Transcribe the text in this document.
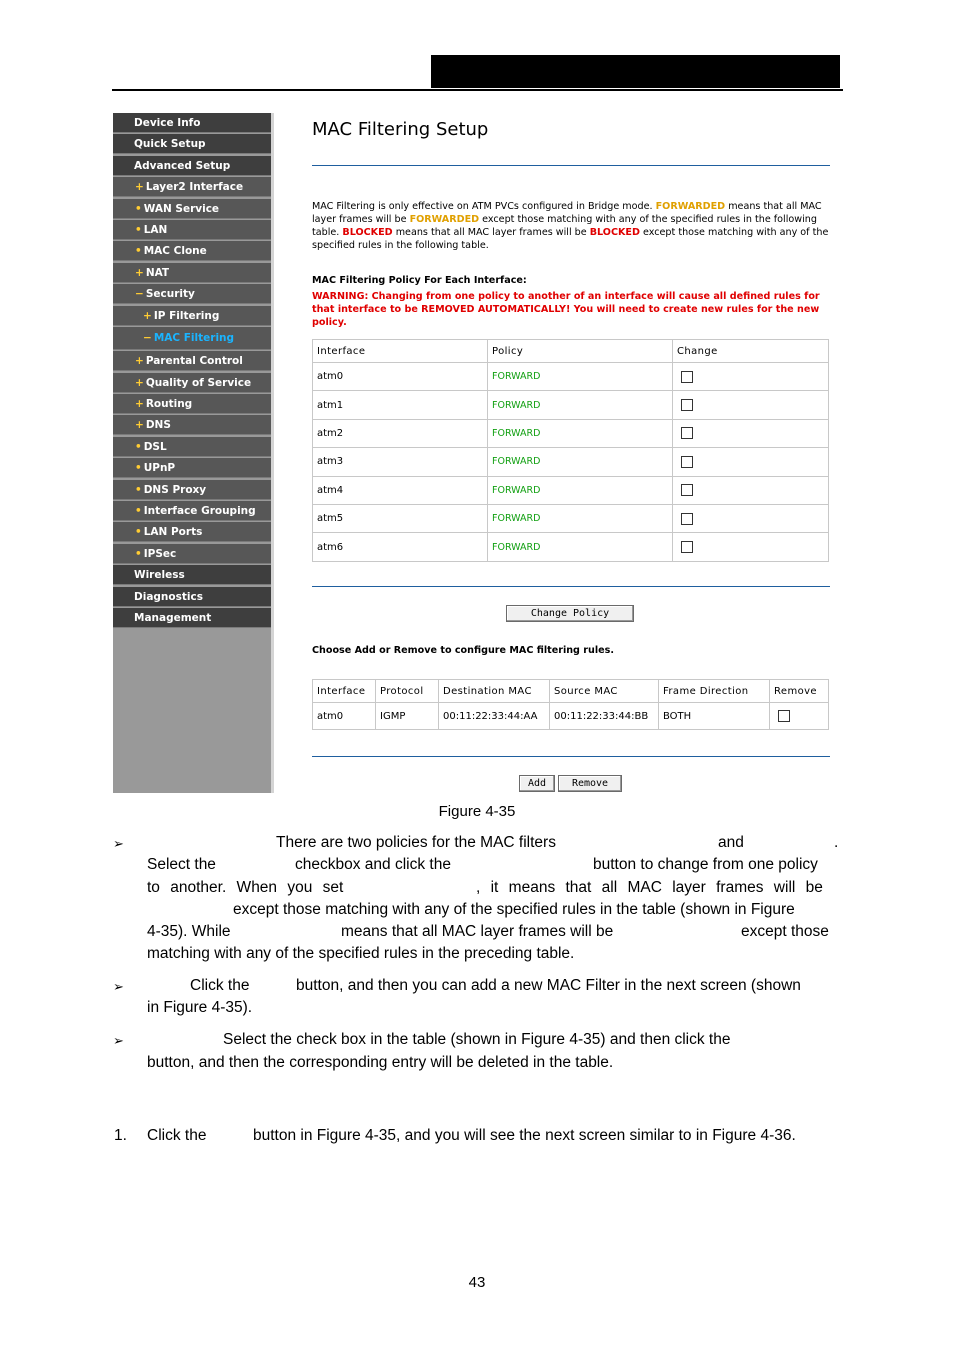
Device Info
Quick Setup
Advanced Setup
+ Layer2 Interface
• WAN Service
• LAN
• MAC Clone
+ NAT
− Security
+ IP Filtering
− MAC Filtering
+ Parental Control
+ Quality of Service
+ Routing
+ DNS
• DSL
• UPnP
• DNS Proxy
• Interface Grouping
• LAN Ports
• IPSec
Wireless
Diagnostics
Management
MAC Filtering Setup
MAC Filtering is only effective on ATM PVCs configured in Bridge mode. FORWARDED means that all MAC layer frames will be FORWARDED except those matching with any of the specified rules in the following table. BLOCKED means that all MAC layer frames will be BLOCKED except those matching with any of the specified rules in the following table.
MAC Filtering Policy For Each Interface:
WARNING: Changing from one policy to another of an interface will cause all defined rules for that interface to be REMOVED AUTOMATICALLY! You will need to create new rules for the new policy.
Interface	Policy	Change
atm0	FORWARD	
atm1	FORWARD	
atm2	FORWARD	
atm3	FORWARD	
atm4	FORWARD	
atm5	FORWARD	
atm6	FORWARD	
Change Policy
Choose Add or Remove to configure MAC filtering rules.
Interface	Protocol	Destination MAC	Source MAC	Frame Direction	Remove
atm0	IGMP	00:11:22:33:44:AA	00:11:22:33:44:BB	BOTH	
Add	Remove
Figure 4-35
➢	There are two policies for the MAC filters	and	.
Select the	checkbox and click the	button to change from one policy
to another. When you set	, it means that all MAC layer frames will be
except those matching with any of the specified rules in the table (shown in Figure
4-35). While	means that all MAC layer frames will be	except those
matching with any of the specified rules in the preceding table.
➢	Click the	button, and then you can add a new MAC Filter in the next screen (shown
in Figure 4-35).
➢	Select the check box in the table (shown in Figure 4-35) and then click the
button, and then the corresponding entry will be deleted in the table.
1. Click the	button in Figure 4-35, and you will see the next screen similar to in Figure 4-36.
43
